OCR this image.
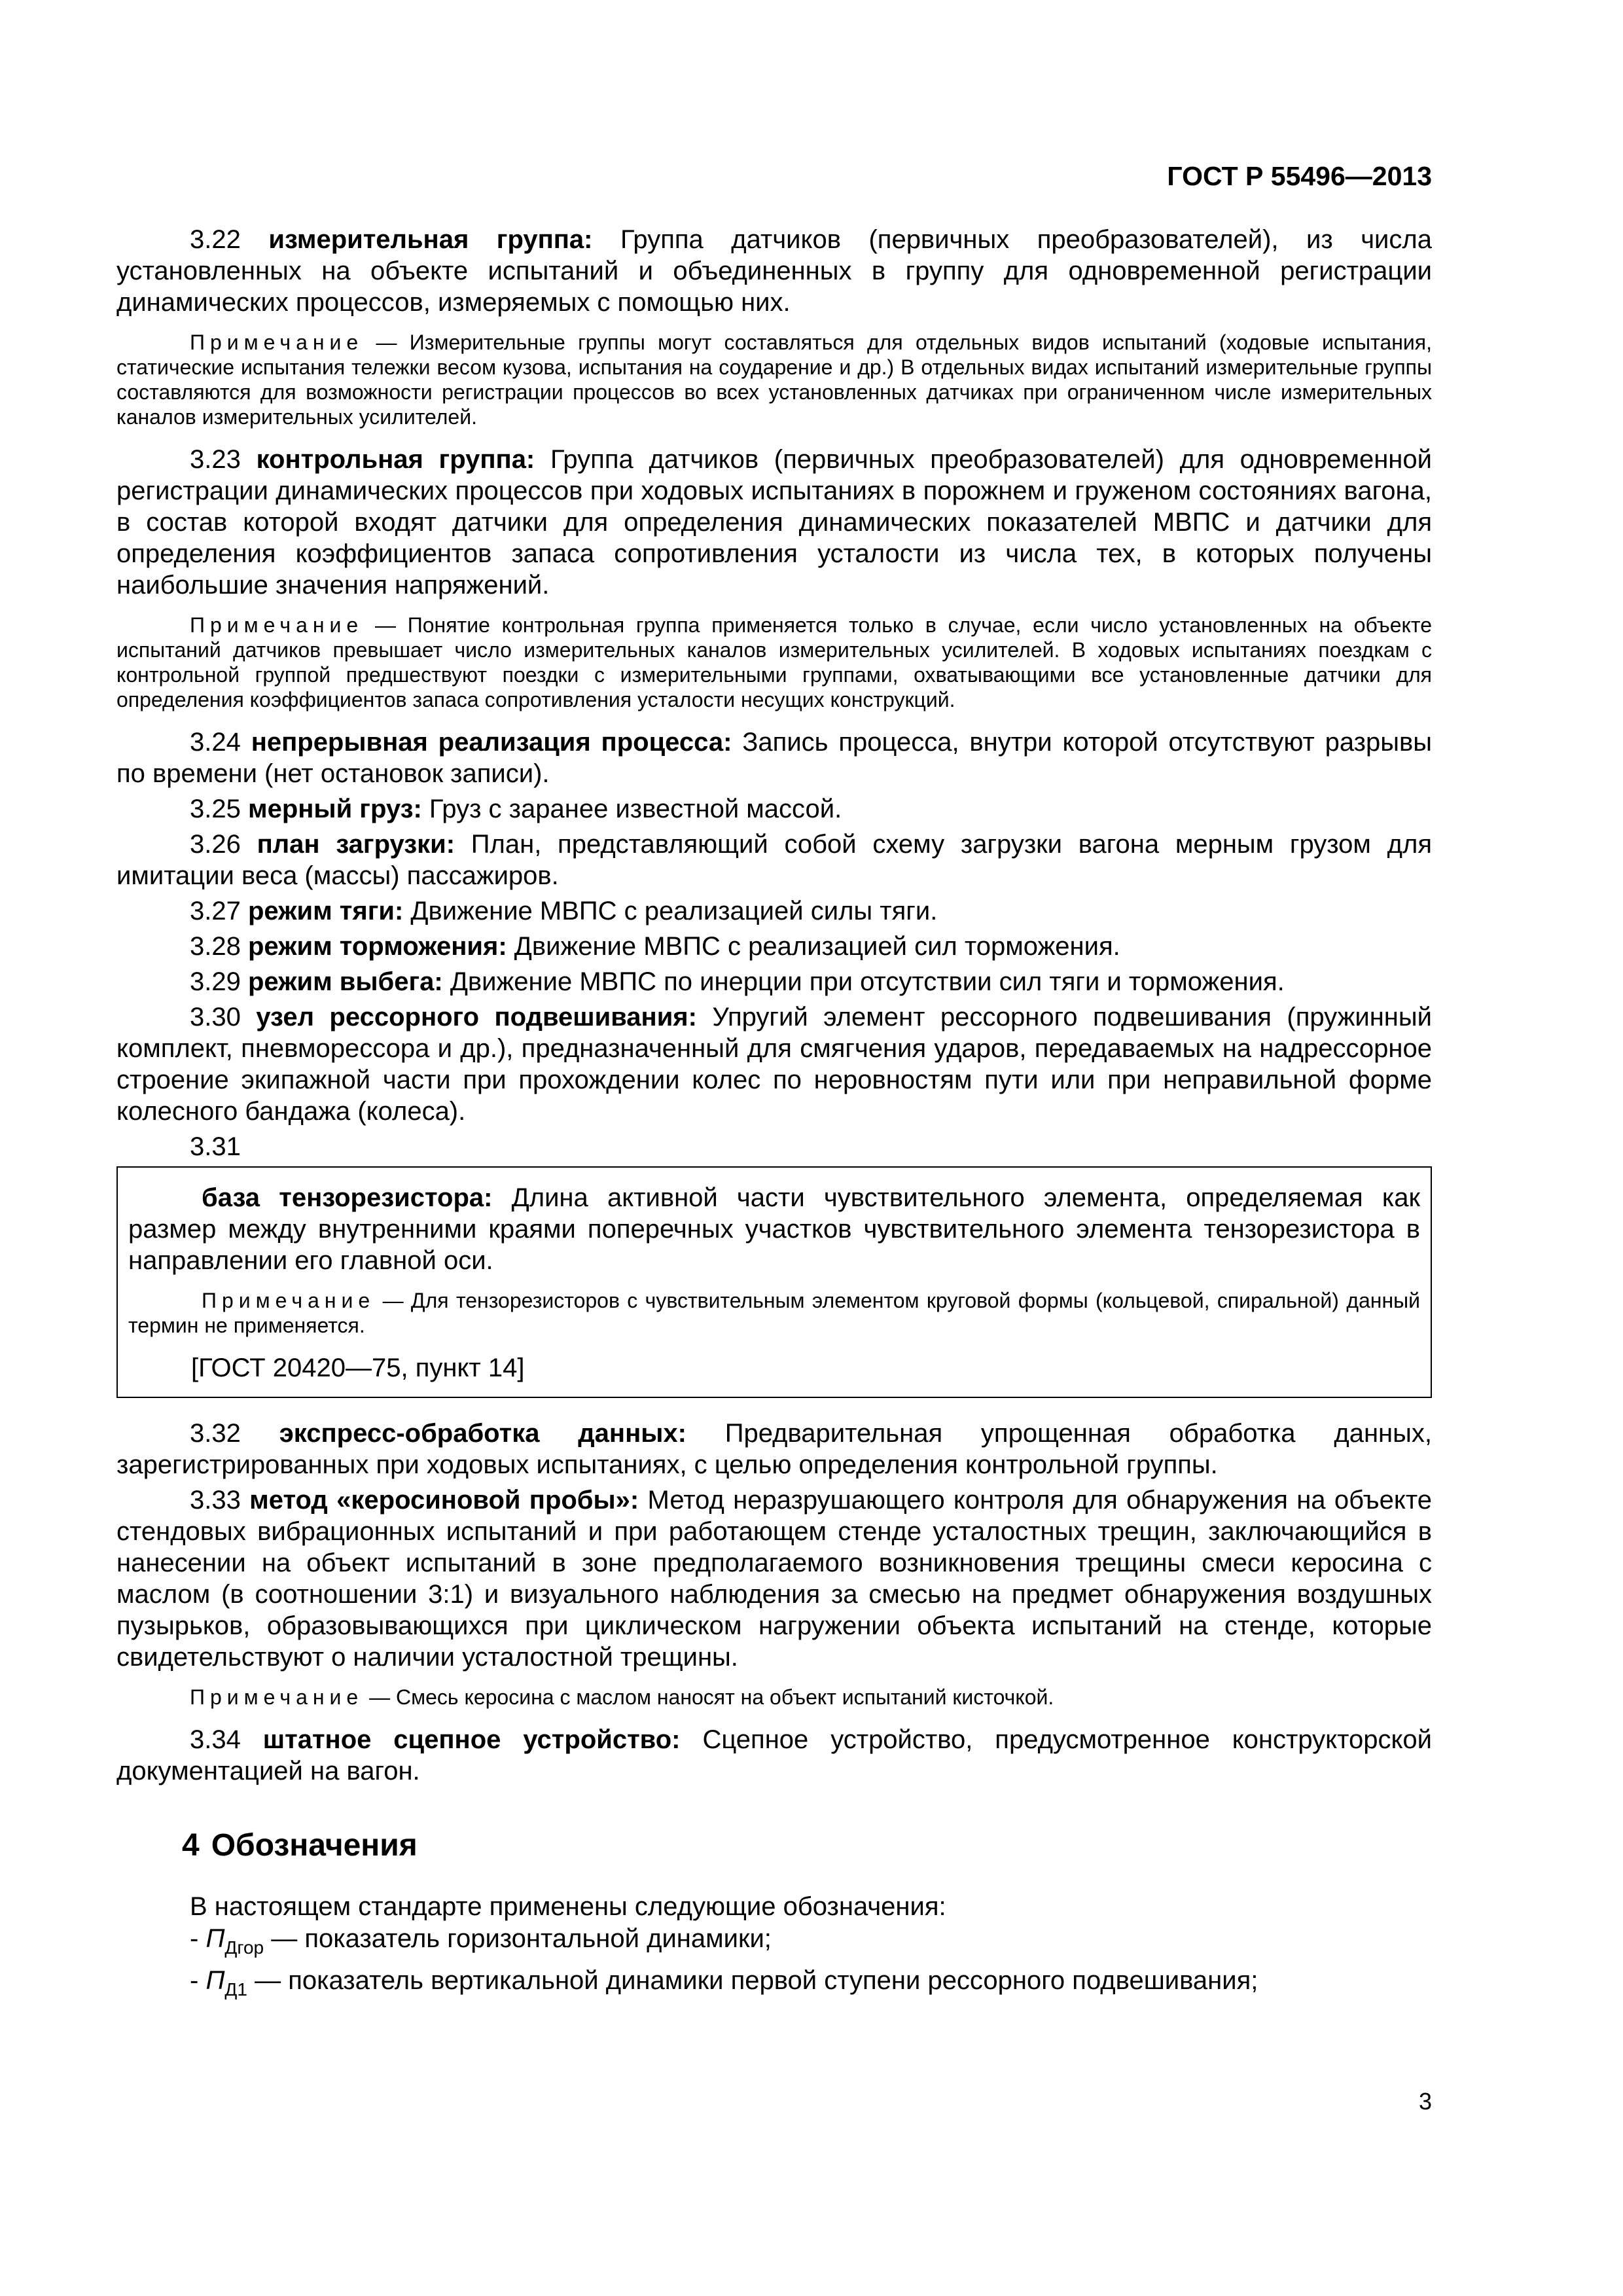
ГОСТ Р 55496—2013

3.22 измерительная группа: Группа датчиков (первичных преобразователей), из числа установленных на объекте испытаний и объединенных в группу для одновременной регистрации динамических процессов, измеряемых с помощью них.

Примечание — Измерительные группы могут составляться для отдельных видов испытаний (ходовые испытания, статические испытания тележки весом кузова, испытания на соударение и др.) В отдельных видах испытаний измерительные группы составляются для возможности регистрации процессов во всех установленных датчиках при ограниченном числе измерительных каналов измерительных усилителей.

3.23 контрольная группа: Группа датчиков (первичных преобразователей) для одновременной регистрации динамических процессов при ходовых испытаниях в порожнем и груженом состояниях вагона, в состав которой входят датчики для определения динамических показателей МВПС и датчики для определения коэффициентов запаса сопротивления усталости из числа тех, в которых получены наибольшие значения напряжений.

Примечание — Понятие контрольная группа применяется только в случае, если число установленных на объекте испытаний датчиков превышает число измерительных каналов измерительных усилителей. В ходовых испытаниях поездкам с контрольной группой предшествуют поездки с измерительными группами, охватывающими все установленные датчики для определения коэффициентов запаса сопротивления усталости несущих конструкций.

3.24 непрерывная реализация процесса: Запись процесса, внутри которой отсутствуют разрывы по времени (нет остановок записи).

3.25 мерный груз: Груз с заранее известной массой.

3.26 план загрузки: План, представляющий собой схему загрузки вагона мерным грузом для имитации веса (массы) пассажиров.

3.27 режим тяги: Движение МВПС с реализацией силы тяги.

3.28 режим торможения: Движение МВПС с реализацией сил торможения.

3.29 режим выбега: Движение МВПС по инерции при отсутствии сил тяги и торможения.

3.30 узел рессорного подвешивания: Упругий элемент рессорного подвешивания (пружинный комплект, пневморессора и др.), предназначенный для смягчения ударов, передаваемых на надрессорное строение экипажной части при прохождении колес по неровностям пути или при неправильной форме колесного бандажа (колеса).

3.31

база тензорезистора: Длина активной части чувствительного элемента, определяемая как размер между внутренними краями поперечных участков чувствительного элемента тензорезистора в направлении его главной оси.

Примечание — Для тензорезисторов с чувствительным элементом круговой формы (кольцевой, спиральной) данный термин не применяется.

[ГОСТ 20420—75, пункт 14]

3.32 экспресс-обработка данных: Предварительная упрощенная обработка данных, зарегистрированных при ходовых испытаниях, с целью определения контрольной группы.

3.33 метод «керосиновой пробы»: Метод неразрушающего контроля для обнаружения на объекте стендовых вибрационных испытаний и при работающем стенде усталостных трещин, заключающийся в нанесении на объект испытаний в зоне предполагаемого возникновения трещины смеси керосина с маслом (в соотношении 3:1) и визуального наблюдения за смесью на предмет обнаружения воздушных пузырьков, образовывающихся при циклическом нагружении объекта испытаний на стенде, которые свидетельствуют о наличии усталостной трещины.

Примечание — Смесь керосина с маслом наносят на объект испытаний кисточкой.

3.34 штатное сцепное устройство: Сцепное устройство, предусмотренное конструкторской документацией на вагон.

4 Обозначения

В настоящем стандарте применены следующие обозначения:

- $П_{Дгор}$ — показатель горизонтальной динамики;

- $П_{Д1}$ — показатель вертикальной динамики первой ступени рессорного подвешивания;

3
